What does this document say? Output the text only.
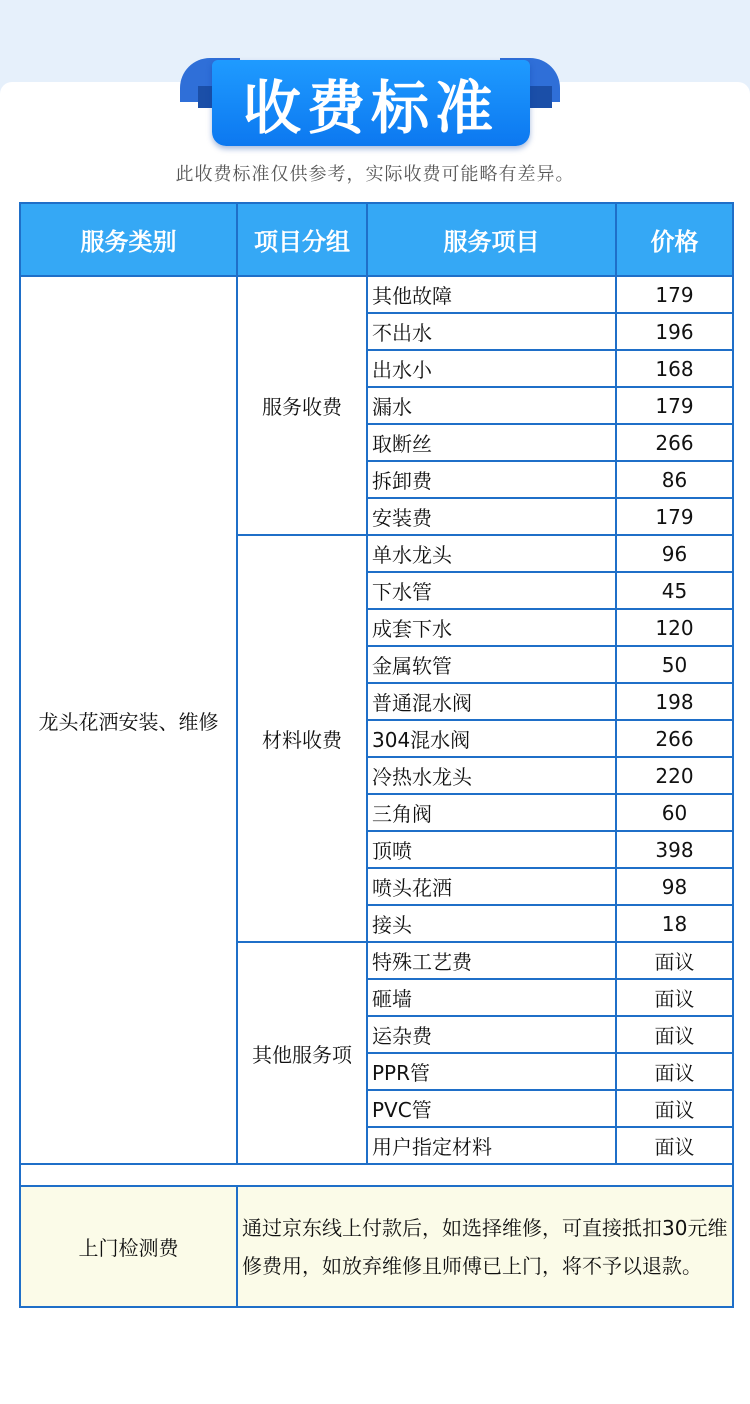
收费标准
此收费标准仅供参考，实际收费可能略有差异。
服务类别	项目分组	服务项目	价格
龙头花洒安装、维修	服务收费	其他故障	179
		不出水	196
		出水小	168
		漏水	179
		取断丝	266
		拆卸费	86
		安装费	179
	材料收费	单水龙头	96
		下水管	45
		成套下水	120
		金属软管	50
		普通混水阀	198
		304混水阀	266
		冷热水龙头	220
		三角阀	60
		顶喷	398
		喷头花洒	98
		接头	18
	其他服务项	特殊工艺费	面议
		砸墙	面议
		运杂费	面议
		PPR管	面议
		PVC管	面议
		用户指定材料	面议

上门检测费	通过京东线上付款后，如选择维修，可直接抵扣30元维修费用，如放弃维修且师傅已上门，将不予以退款。		
